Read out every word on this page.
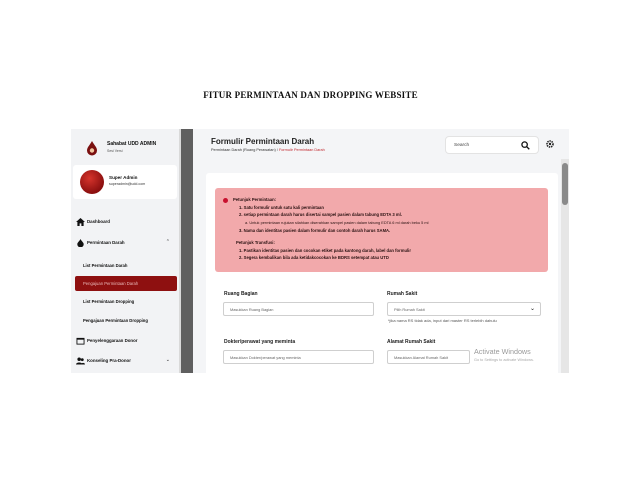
FITUR PERMINTAAN DAN DROPPING WEBSITE
Sahabat UDD ADMIN
Sesi Versi
Super Admin
superadmin@udd.com
Dashboard
Permintaan Darah	⌃
List Permintaan Darah
Pengajuan Permintaan Darah
List Permintaan Dropping
Pengajuan Permintaan Dropping
Penyelenggaraan Donor
Konseling Pra-Donor	⌄
Formulir Permintaan Darah
Permintaan Darah (Ruang Perawatan) / Formulir Permintaan Darah
Search
Petunjuk Permintaan:
1. Satu formulir untuk satu kali permintaan
2. setiap permintaan darah harus disertai sampel pasien dalam tabung EDTA 3 ml.
a. Untuk permintaan rujukan silahkan diserahkan sampel pasien dalam tabung EDTA 6 ml darah beku 5 ml
3. Nama dan identitas pasien dalam formulir dan contoh darah harus SAMA.
Petunjuk Transfusi:
1. Pastikan identitas pasien dan cocokan etiket pada kantong darah, label dan formulir
2. Segera kembalikan bila ada ketidakcocokan ke BDRS setempat atau UTD
Ruang Bagian
Masukkan Ruang Bagian
Rumah Sakit
Pilih Rumah Sakit	⌄
*jika nama RS tidak ada, input dari master RS terlebih dahulu
Dokter/perawat yang meminta
Masukkan Dokter/perawat yang meminta
Alamat Rumah Sakit
Masukkan Alamat Rumah Sakit
Activate Windows
Go to Settings to activate Windows.
